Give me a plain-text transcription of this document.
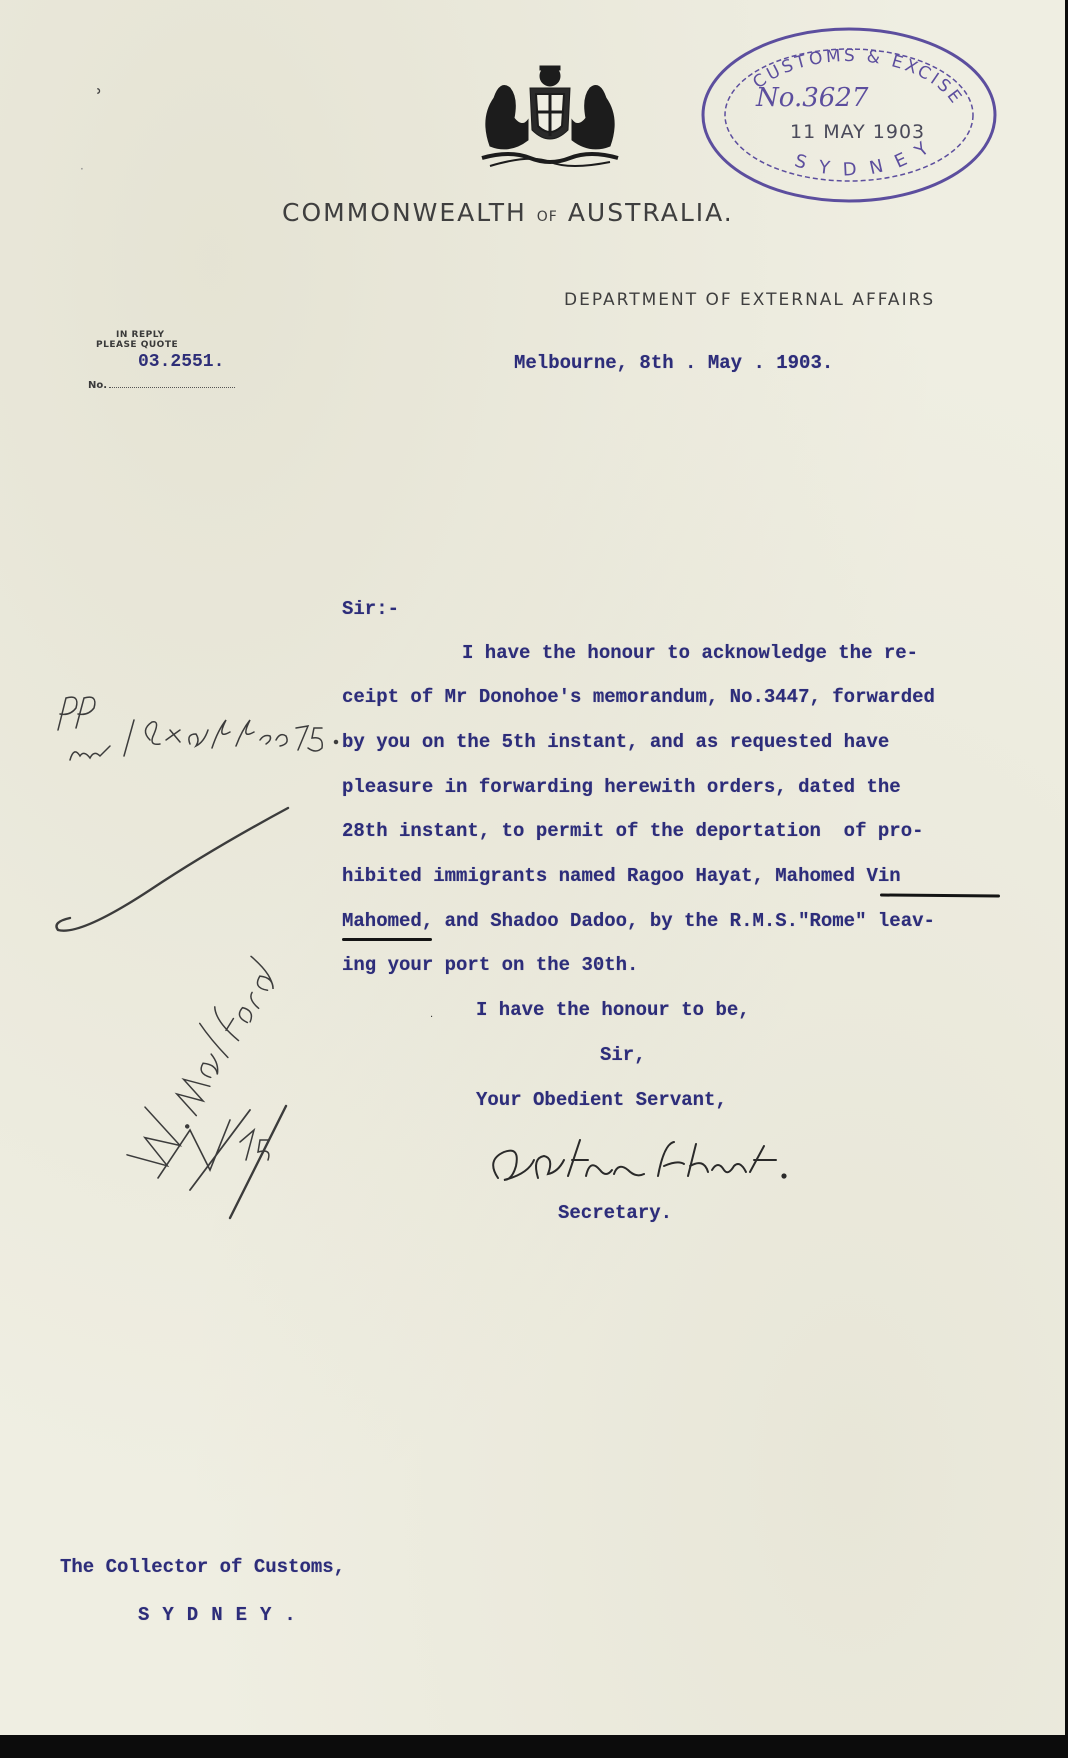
COMMONWEALTH OF AUSTRALIA.
DEPARTMENT OF EXTERNAL AFFAIRS
CUSTOMS & EXCISE
SYDNEY
No.3627
11 MAY 1903
IN REPLY
PLEASE QUOTE
03.2551.
No.
Melbourne, 8th . May . 1903.
Sir:-
I have the honour to acknowledge the re-
ceipt of Mr Donohoe's memorandum, No.3447, forwarded
by you on the 5th instant, and as requested have
pleasure in forwarding herewith orders, dated the
28th instant, to permit of the deportation  of pro-
hibited immigrants named Ragoo Hayat, Mahomed Vin
Mahomed, and Shadoo Dadoo, by the R.M.S."Rome" leav-
ing your port on the 30th.
I have the honour to be,
Sir,
Your Obedient Servant,
Secretary.
The Collector of Customs,
SYDNEY.
ʾ
·
·
